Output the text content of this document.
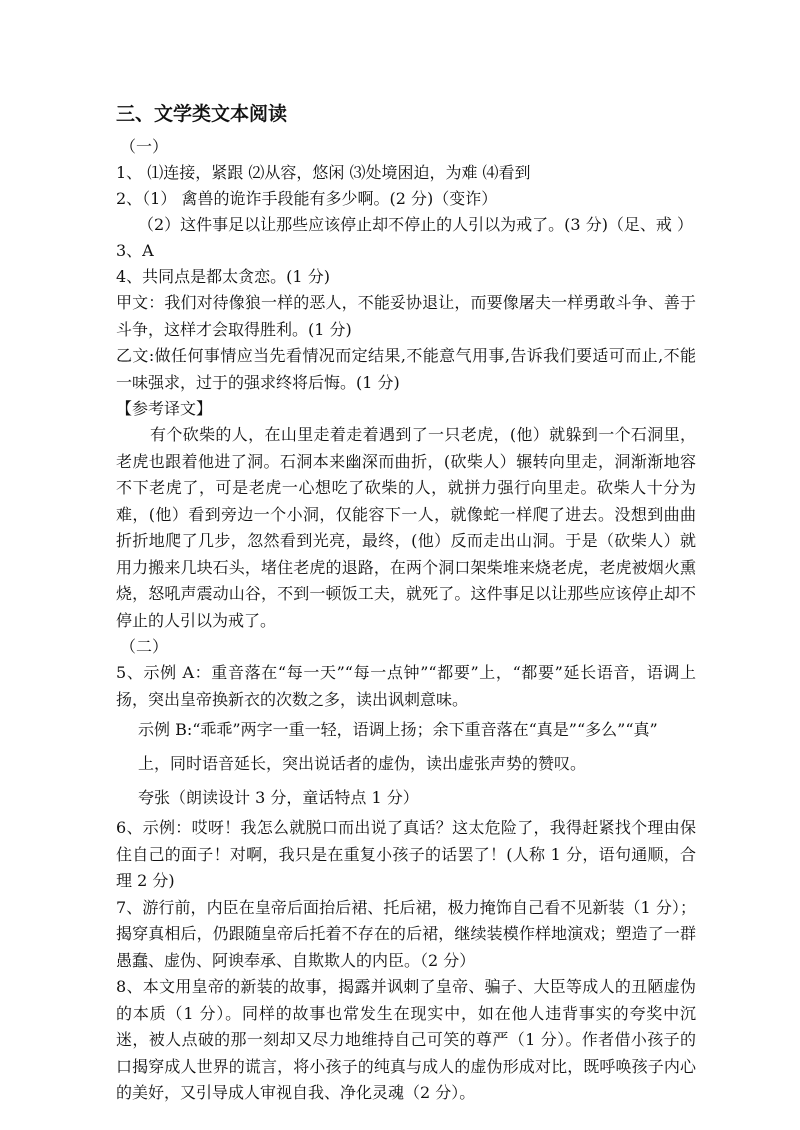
三、文学类文本阅读

（一）

1、 ⑴连接，紧跟 ⑵从容，悠闲 ⑶处境困迫，为难 ⑷看到

2、（1） 禽兽的诡诈手段能有多少啊。(2 分)（变诈）

（2）这件事足以让那些应该停止却不停止的人引以为戒了。(3 分)（足、戒 ）

3、A

4、共同点是都太贪恋。(1 分)

甲文：我们对待像狼一样的恶人，不能妥协退让，而要像屠夫一样勇敢斗争、善于斗争，这样才会取得胜利。(1 分)

乙文:做任何事情应当先看情况而定结果,不能意气用事,告诉我们要适可而止,不能一味强求，过于的强求终将后悔。(1 分)

【参考译文】

有个砍柴的人，在山里走着走着遇到了一只老虎，(他）就躲到一个石洞里，老虎也跟着他进了洞。石洞本来幽深而曲折，(砍柴人）辗转向里走，洞渐渐地容不下老虎了，可是老虎一心想吃了砍柴的人，就拼力强行向里走。砍柴人十分为难，(他）看到旁边一个小洞，仅能容下一人，就像蛇一样爬了进去。没想到曲曲折折地爬了几步，忽然看到光亮，最终，(他）反而走出山洞。于是（砍柴人）就用力搬来几块石头，堵住老虎的退路，在两个洞口架柴堆来烧老虎，老虎被烟火熏烧，怒吼声震动山谷，不到一顿饭工夫，就死了。这件事足以让那些应该停止却不停止的人引以为戒了。

（二）

5、示例 A：重音落在“每一天”“每一点钟”“都要”上，“都要”延长语音，语调上扬，突出皇帝换新衣的次数之多，读出讽刺意味。

示例 B:“乖乖”两字一重一轻，语调上扬；余下重音落在“真是”“多么”“真”

上，同时语音延长，突出说话者的虚伪，读出虚张声势的赞叹。

夸张（朗读设计 3 分，童话特点 1 分）

6、示例：哎呀！我怎么就脱口而出说了真话？这太危险了，我得赶紧找个理由保住自己的面子！对啊，我只是在重复小孩子的话罢了！(人称 1 分，语句通顺，合理 2 分)

7、游行前，内臣在皇帝后面抬后裙、托后裙，极力掩饰自己看不见新装（1 分）；揭穿真相后，仍跟随皇帝后托着不存在的后裙，继续装模作样地演戏；塑造了一群愚蠢、虚伪、阿谀奉承、自欺欺人的内臣。（2 分）

8、本文用皇帝的新装的故事，揭露并讽刺了皇帝、骗子、大臣等成人的丑陋虚伪的本质（1 分）。同样的故事也常发生在现实中，如在他人违背事实的夸奖中沉迷，被人点破的那一刻却又尽力地维持自己可笑的尊严（1 分）。作者借小孩子的口揭穿成人世界的谎言，将小孩子的纯真与成人的虚伪形成对比，既呼唤孩子内心的美好，又引导成人审视自我、净化灵魂（2 分）。
